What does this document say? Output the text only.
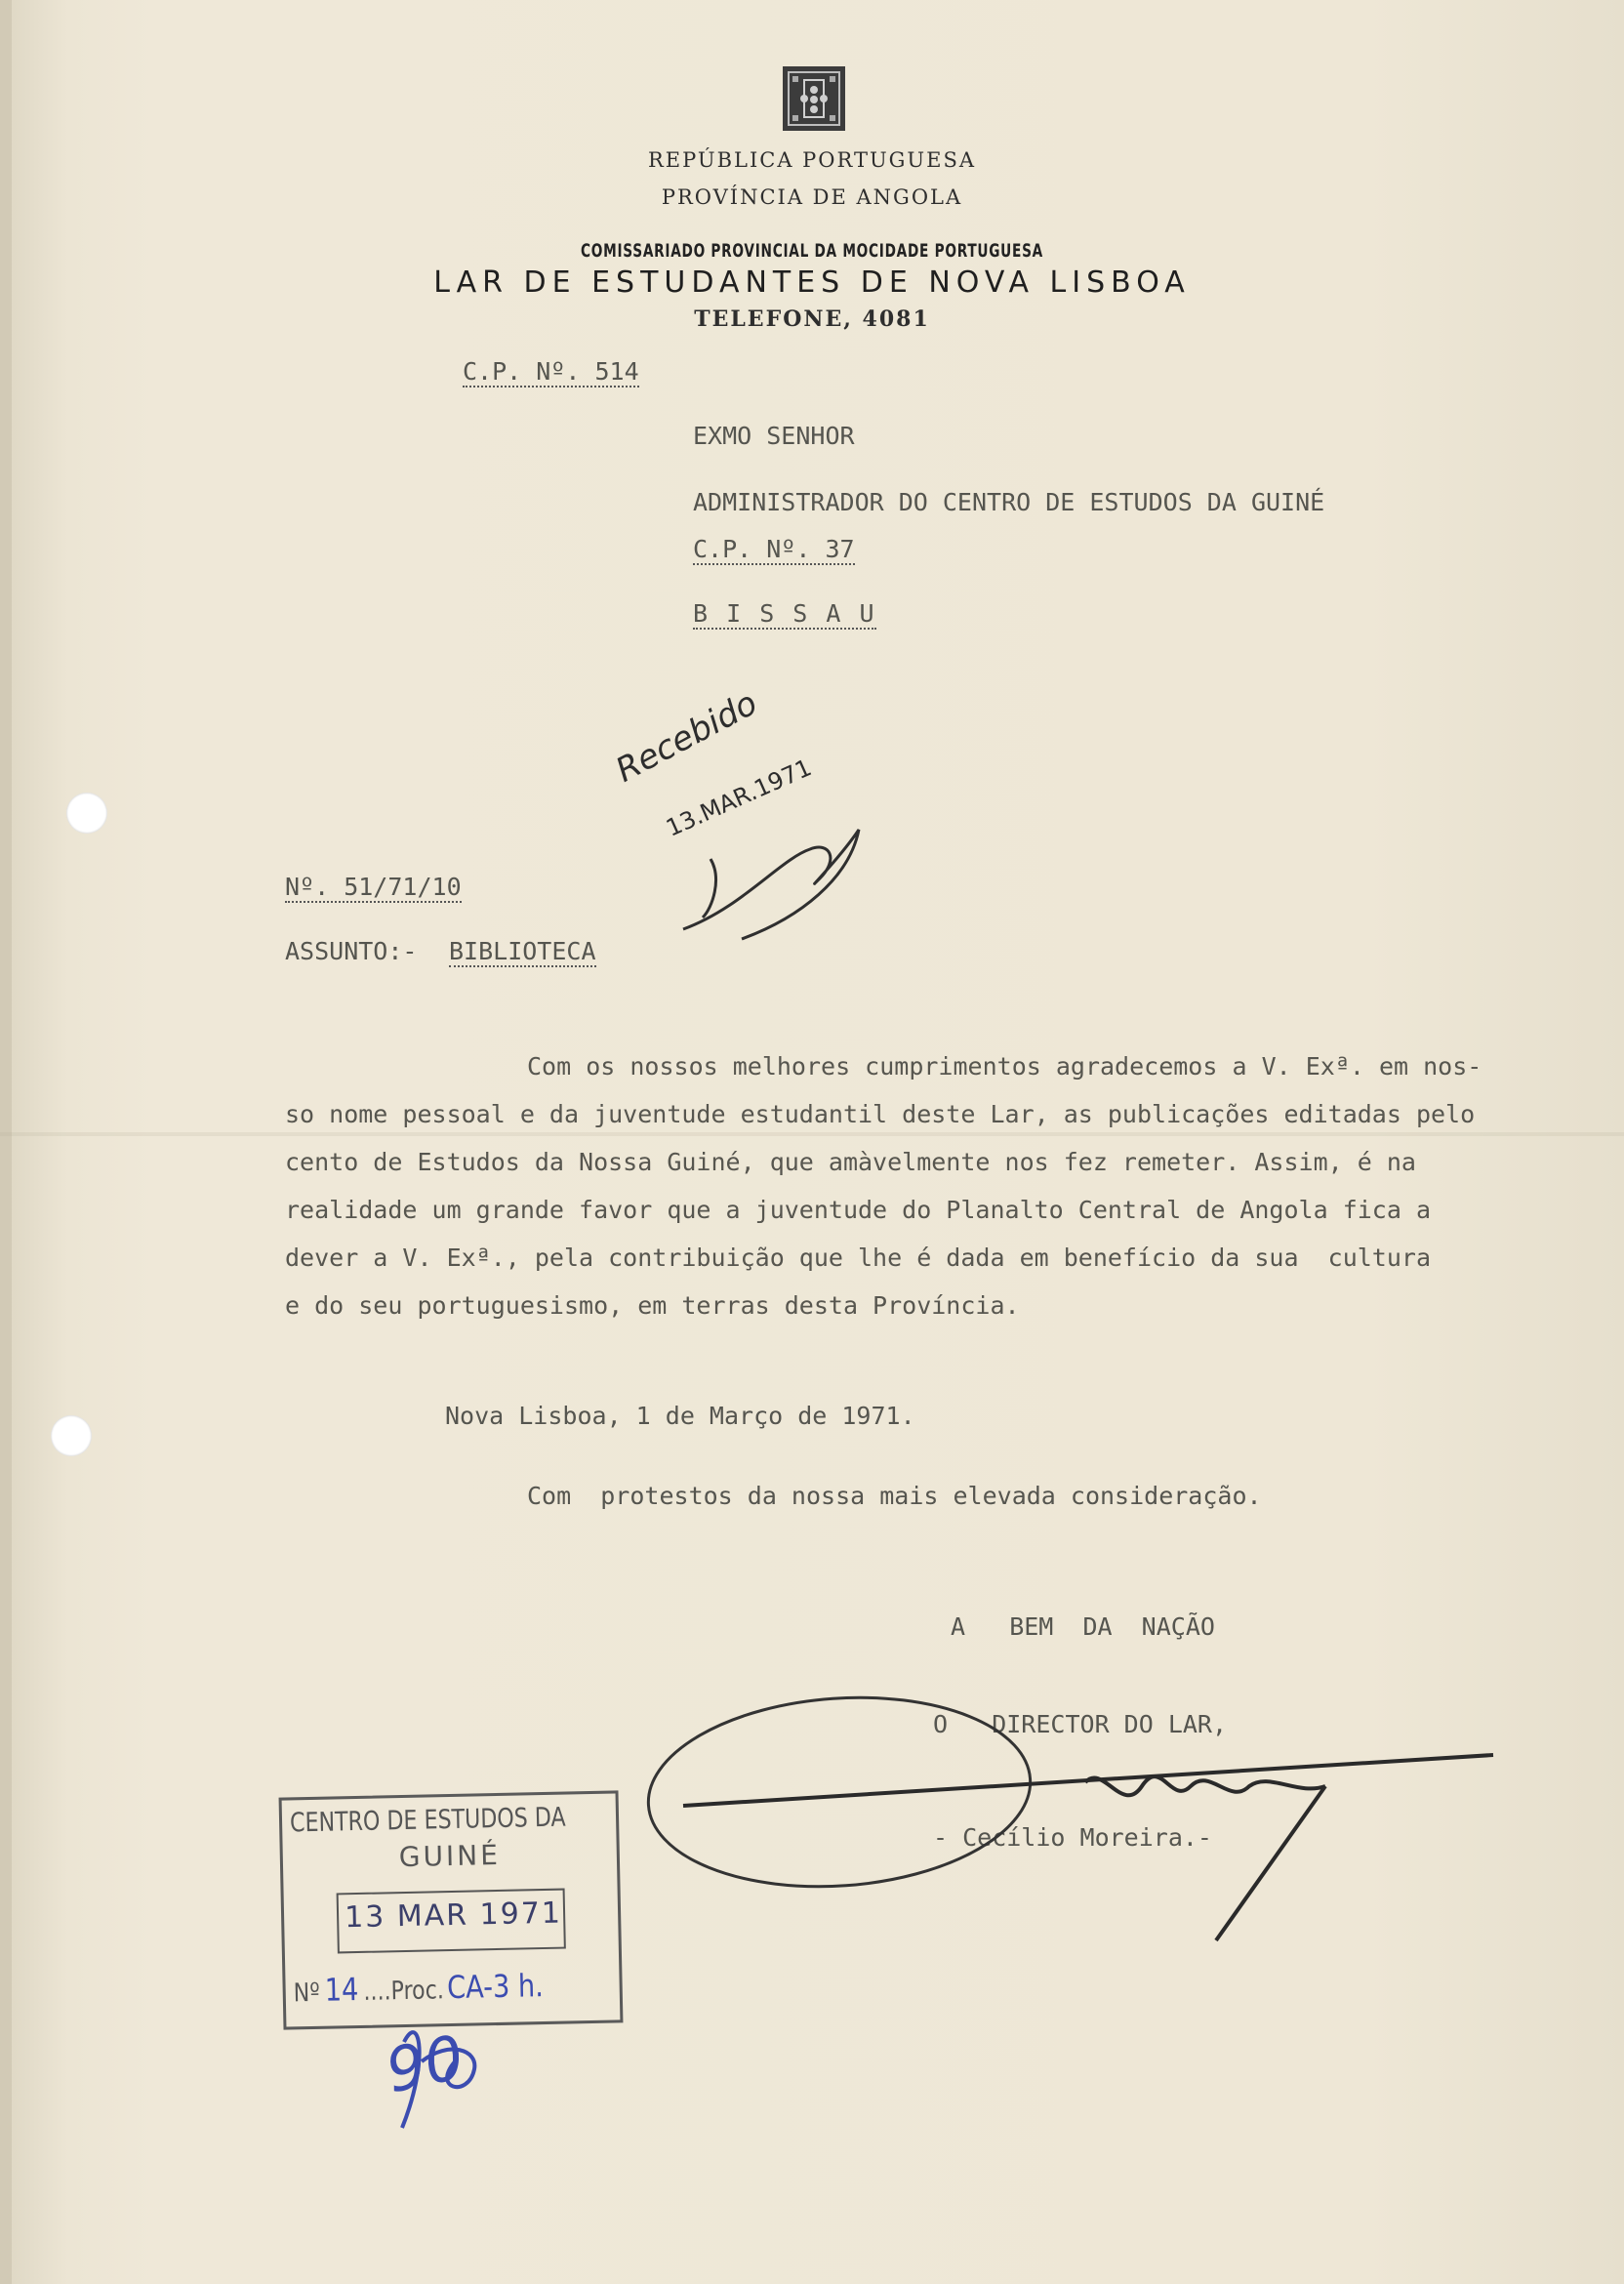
REPÚBLICA PORTUGUESA
PROVÍNCIA DE ANGOLA
COMISSARIADO PROVINCIAL DA MOCIDADE PORTUGUESA
LAR DE ESTUDANTES DE NOVA LISBOA
TELEFONE, 4081
C.P. Nº. 514
EXMO SENHOR
ADMINISTRADOR DO CENTRO DE ESTUDOS DA GUINÉ
C.P. Nº. 37
B I S S A U
Nº. 51/71/10
ASSUNTO:- BIBLIOTECA
Recebido
13.MAR.1971
Com os nossos melhores cumprimentos agradecemos a V. Exª. em nos-
so nome pessoal e da juventude estudantil deste Lar, as publicações editadas pelo
cento de Estudos da Nossa Guiné, que amàvelmente nos fez remeter. Assim, é na
realidade um grande favor que a juventude do Planalto Central de Angola fica a
dever a V. Exª., pela contribuição que lhe é dada em benefício da sua  cultura
e do seu portuguesismo, em terras desta Província.
Nova Lisboa, 1 de Março de 1971.
Com  protestos da nossa mais elevada consideração.
A   BEM  DA  NAÇÃO
O   DIRECTOR DO LAR,
- Cecílio Moreira.-
CENTRO DE ESTUDOS DA
GUINÉ
13 MAR 1971
Nº 14 ....Proc.CA-3 h.
90
